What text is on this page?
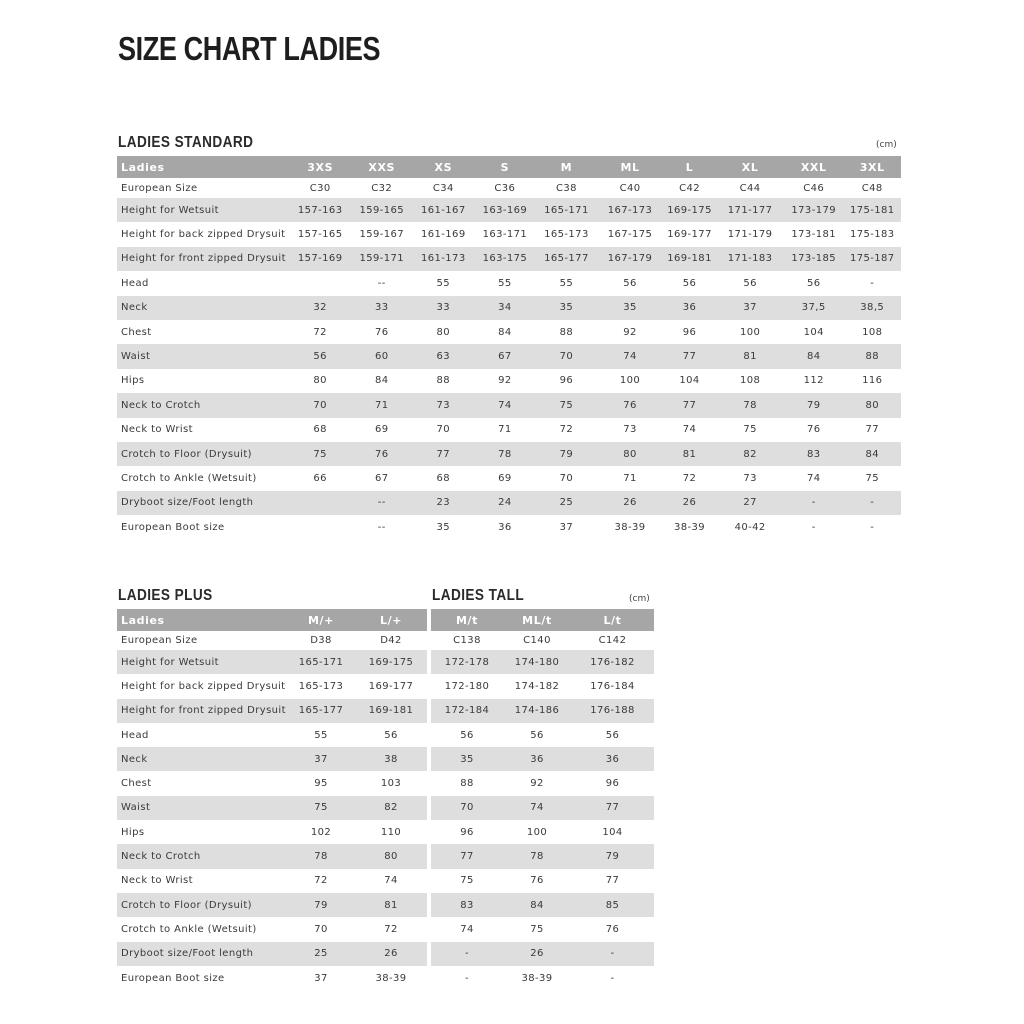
SIZE CHART LADIES
LADIES STANDARD	(cm)
Ladies	3XS	XXS	XS	S	M	ML	L	XL	XXL	3XL
European Size	C30	C32	C34	C36	C38	C40	C42	C44	C46	C48
Height for Wetsuit	157-163	159-165	161-167	163-169	165-171	167-173	169-175	171-177	173-179	175-181
Height for back zipped Drysuit	157-165	159-167	161-169	163-171	165-173	167-175	169-177	171-179	173-181	175-183
Height for front zipped Drysuit	157-169	159-171	161-173	163-175	165-177	167-179	169-181	171-183	173-185	175-187
Head		--	55	55	55	56	56	56	56	-
Neck	32	33	33	34	35	35	36	37	37,5	38,5
Chest	72	76	80	84	88	92	96	100	104	108
Waist	56	60	63	67	70	74	77	81	84	88
Hips	80	84	88	92	96	100	104	108	112	116
Neck to Crotch	70	71	73	74	75	76	77	78	79	80
Neck to Wrist	68	69	70	71	72	73	74	75	76	77
Crotch to Floor (Drysuit)	75	76	77	78	79	80	81	82	83	84
Crotch to Ankle (Wetsuit)	66	67	68	69	70	71	72	73	74	75
Dryboot size/Foot length		--	23	24	25	26	26	27	-	-
European Boot size		--	35	36	37	38-39	38-39	40-42	-	-
LADIES PLUS
Ladies	M/+	L/+
European Size	D38	D42
Height for Wetsuit	165-171	169-175
Height for back zipped Drysuit	165-173	169-177
Height for front zipped Drysuit	165-177	169-181
Head	55	56
Neck	37	38
Chest	95	103
Waist	75	82
Hips	102	110
Neck to Crotch	78	80
Neck to Wrist	72	74
Crotch to Floor (Drysuit)	79	81
Crotch to Ankle (Wetsuit)	70	72
Dryboot size/Foot length	25	26
European Boot size	37	38-39
LADIES TALL	(cm)
M/t	ML/t	L/t
C138	C140	C142
172-178	174-180	176-182
172-180	174-182	176-184
172-184	174-186	176-188
56	56	56
35	36	36
88	92	96
70	74	77
96	100	104
77	78	79
75	76	77
83	84	85
74	75	76
-	26	-
-	38-39	-
